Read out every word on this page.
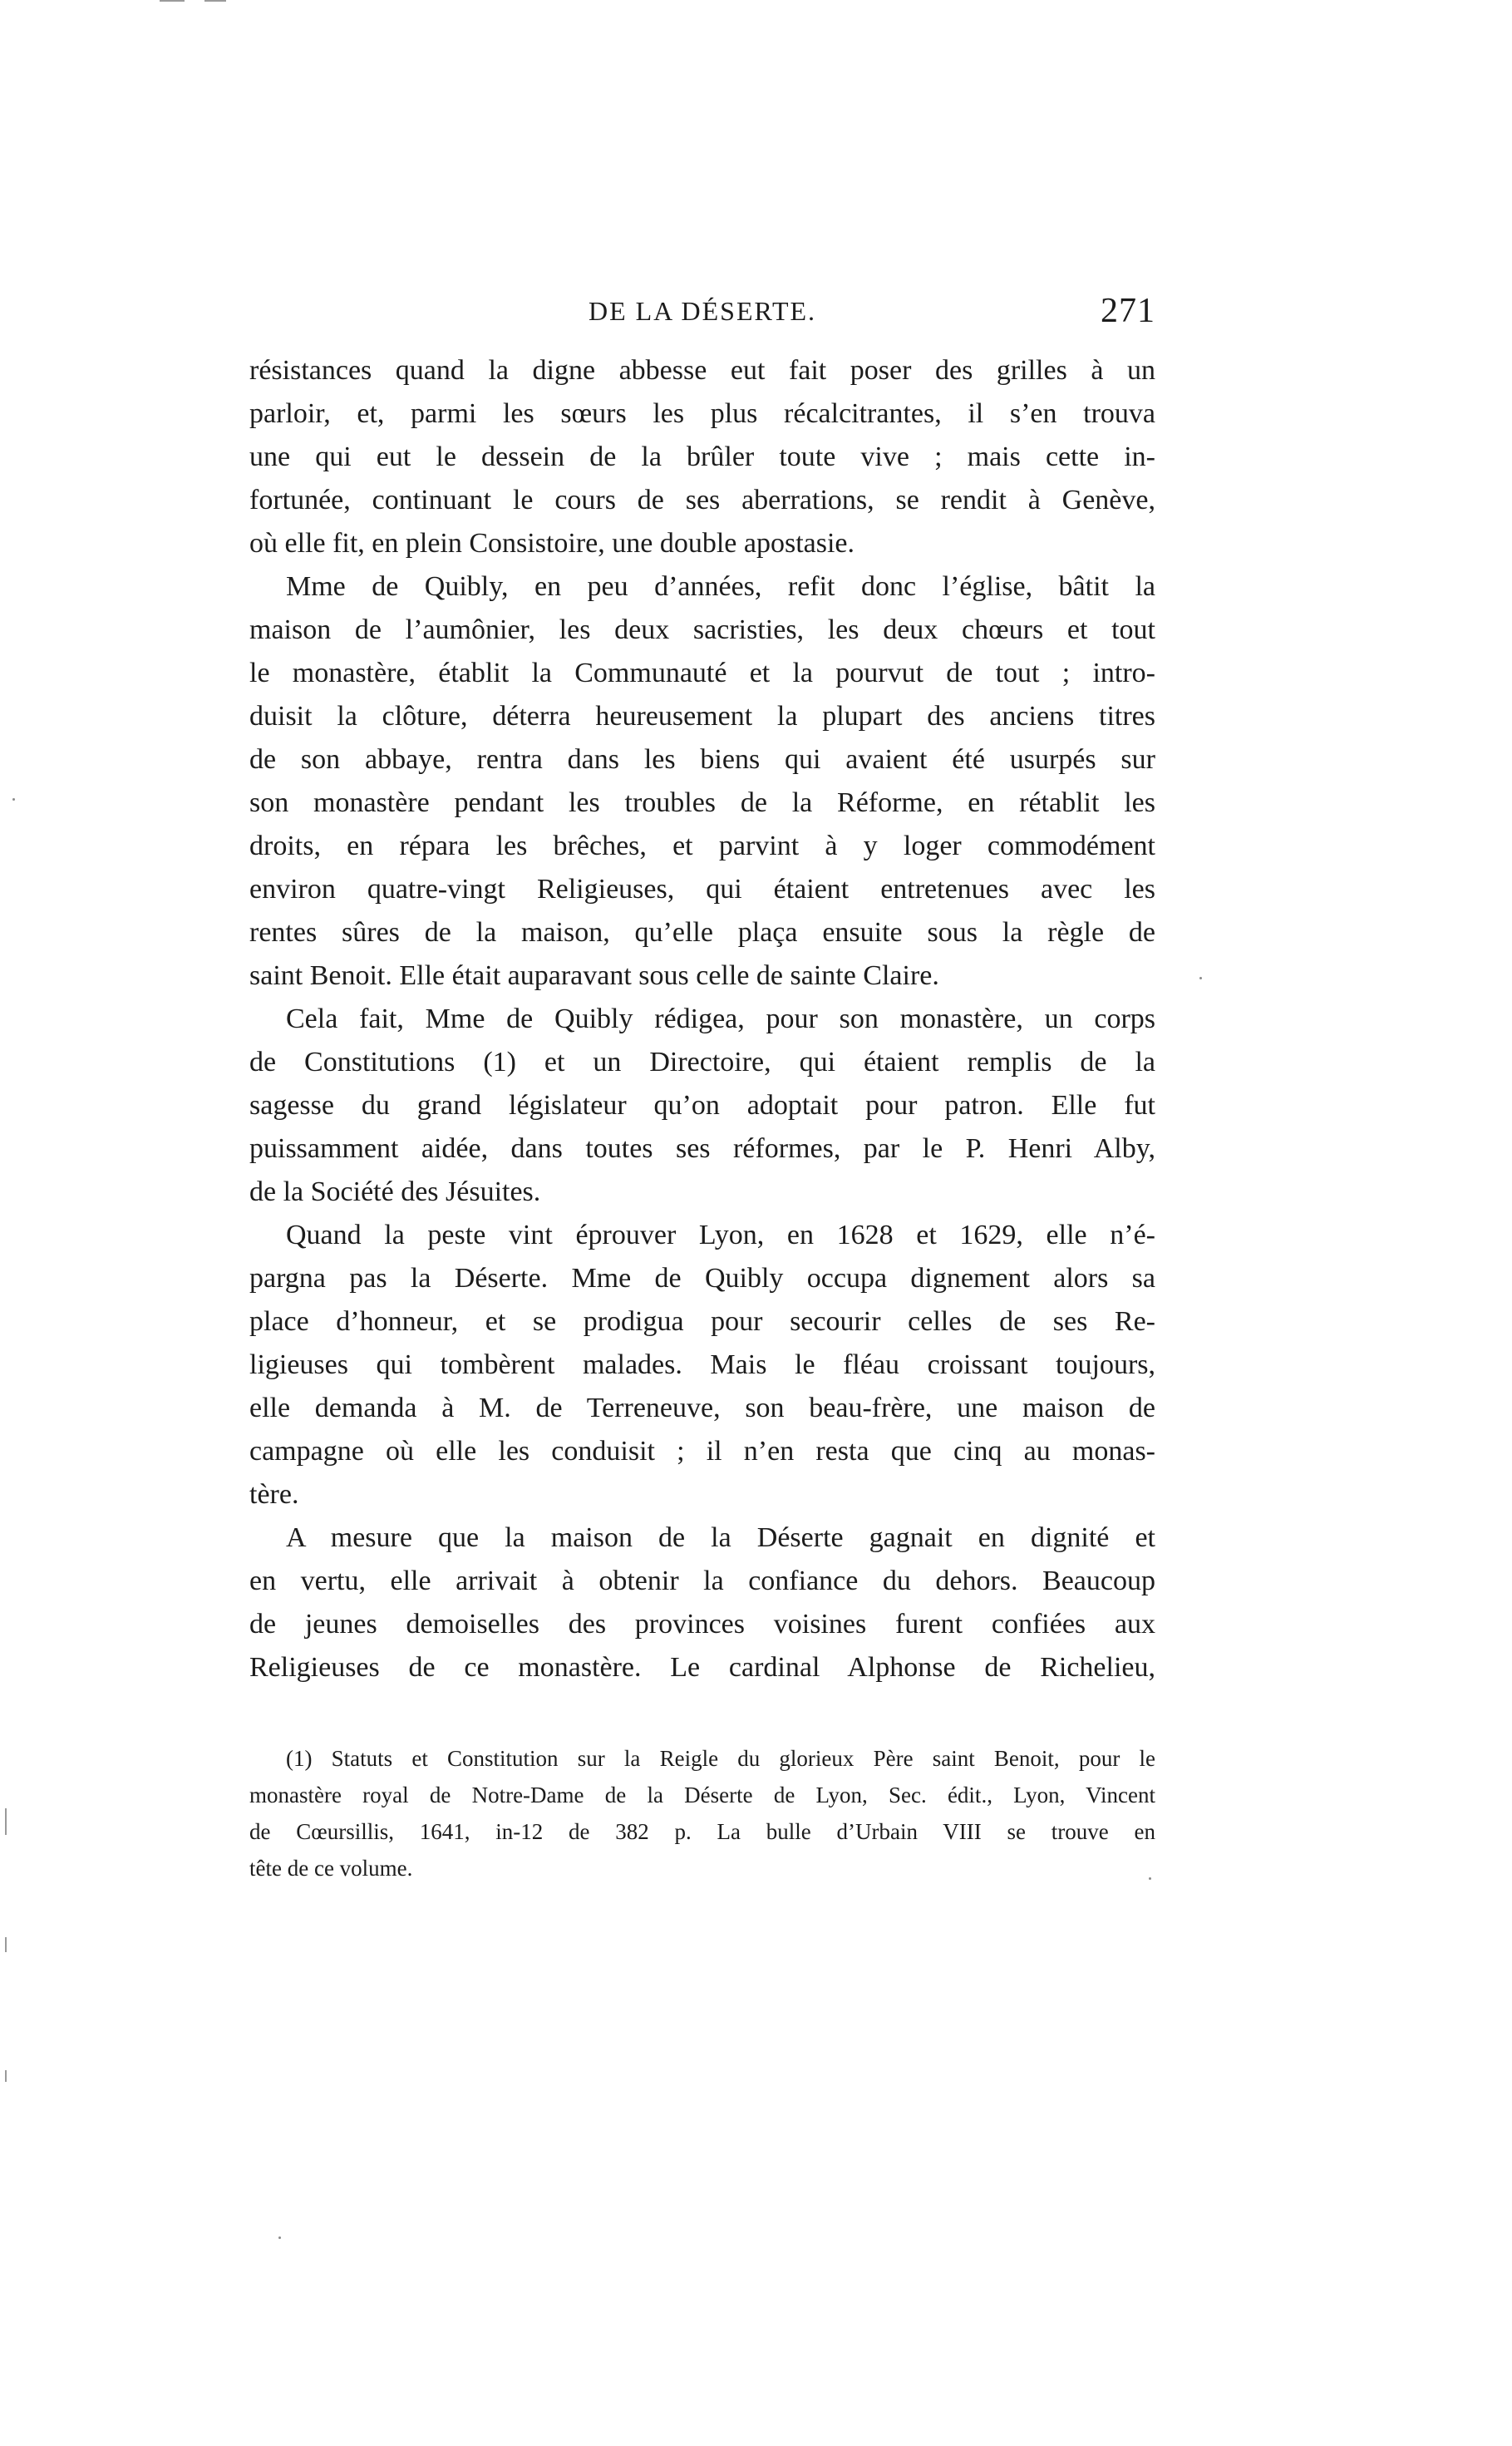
DE LA DÉSERTE.	271
résistances quand la digne abbesse eut fait poser des grilles à un
parloir, et, parmi les sœurs les plus récalcitrantes, il s’en trouva
une qui eut le dessein de la brûler toute vive ; mais cette in-
fortunée, continuant le cours de ses aberrations, se rendit à Genève,
où elle fit, en plein Consistoire, une double apostasie.
Mme de Quibly, en peu d’années, refit donc l’église, bâtit la
maison de l’aumônier, les deux sacristies, les deux chœurs et tout
le monastère, établit la Communauté et la pourvut de tout ; intro-
duisit la clôture, déterra heureusement la plupart des anciens titres
de son abbaye, rentra dans les biens qui avaient été usurpés sur
son monastère pendant les troubles de la Réforme, en rétablit les
droits, en répara les brêches, et parvint à y loger commodément
environ quatre-vingt Religieuses, qui étaient entretenues avec les
rentes sûres de la maison, qu’elle plaça ensuite sous la règle de
saint Benoit. Elle était auparavant sous celle de sainte Claire.
Cela fait, Mme de Quibly rédigea, pour son monastère, un corps
de Constitutions (1) et un Directoire, qui étaient remplis de la
sagesse du grand législateur qu’on adoptait pour patron. Elle fut
puissamment aidée, dans toutes ses réformes, par le P. Henri Alby,
de la Société des Jésuites.
Quand la peste vint éprouver Lyon, en 1628 et 1629, elle n’é-
pargna pas la Déserte. Mme de Quibly occupa dignement alors sa
place d’honneur, et se prodigua pour secourir celles de ses Re-
ligieuses qui tombèrent malades. Mais le fléau croissant toujours,
elle demanda à M. de Terreneuve, son beau-frère, une maison de
campagne où elle les conduisit ; il n’en resta que cinq au monas-
tère.
A mesure que la maison de la Déserte gagnait en dignité et
en vertu, elle arrivait à obtenir la confiance du dehors. Beaucoup
de jeunes demoiselles des provinces voisines furent confiées aux
Religieuses de ce monastère. Le cardinal Alphonse de Richelieu,
(1) Statuts et Constitution sur la Reigle du glorieux Père saint Benoit, pour le
monastère royal de Notre-Dame de la Déserte de Lyon, Sec. édit., Lyon, Vincent
de Cœursillis, 1641, in-12 de 382 p. La bulle d’Urbain VIII se trouve en
tête de ce volume.
